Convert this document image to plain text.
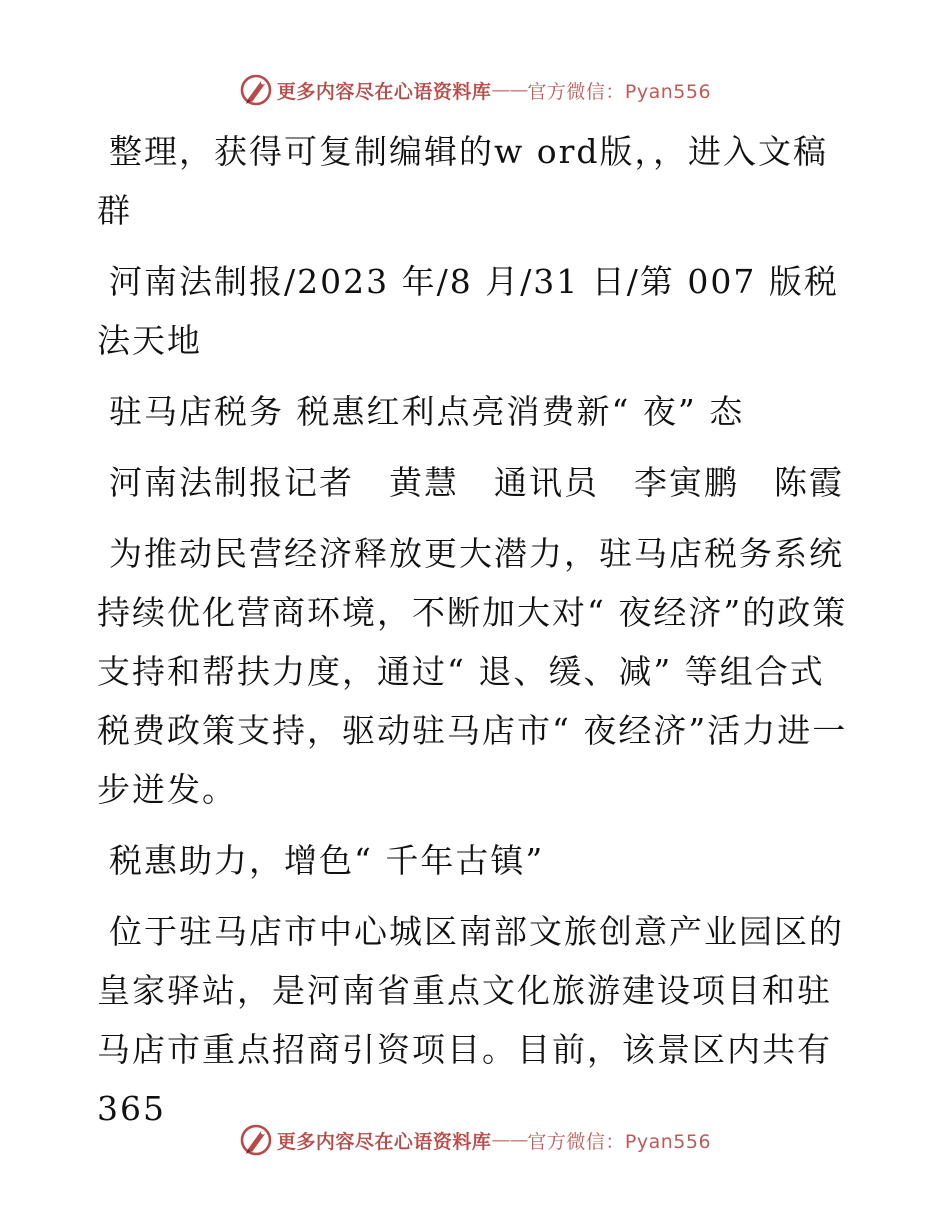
更多内容尽在心语资料库 —— 官方微信：Pyan556

整理，获得可复制编辑的w ord版，，进入文稿群

河南法制报/2023 年/8 月/31 日/第 007 版税法天地

驻马店税务 税惠红利点亮消费新“ 夜” 态

河南法制报记者　黄慧　通讯员　李寅鹏　陈霞

为推动民营经济释放更大潜力，驻马店税务系统持续优化营商环境，不断加大对“ 夜经济”的政策支持和帮扶力度，通过“ 退、缓、减” 等组合式税费政策支持，驱动驻马店市“ 夜经济”活力进一步迸发。

税惠助力，增色“ 千年古镇”

位于驻马店市中心城区南部文旅创意产业园区的皇家驿站，是河南省重点文化旅游建设项目和驻马店市重点招商引资项目。目前，该景区内共有 365

更多内容尽在心语资料库 —— 官方微信：Pyan556
